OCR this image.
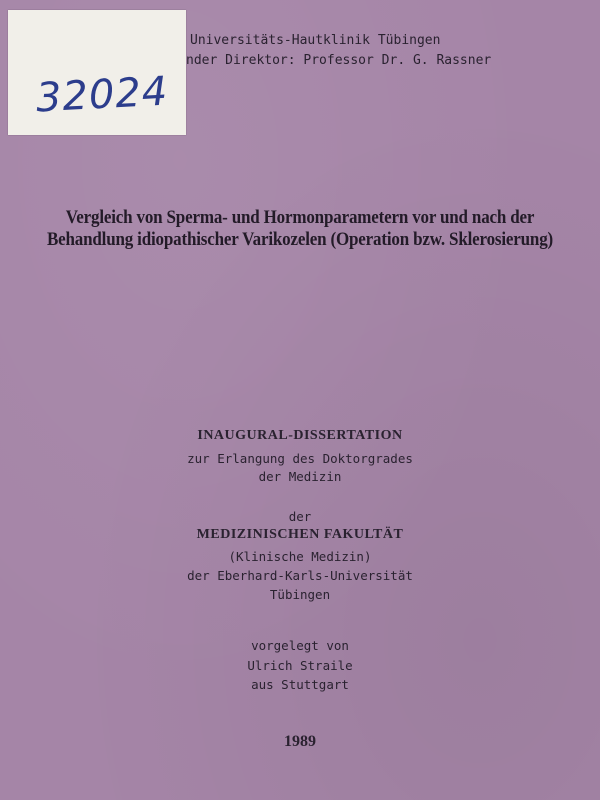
32024
Universitäts-Hautklinik Tübingen
nder Direktor: Professor Dr. G. Rassner
Vergleich von Sperma- und Hormonparametern vor und nach der
Behandlung idiopathischer Varikozelen (Operation bzw. Sklerosierung)
INAUGURAL-DISSERTATION
zur Erlangung des Doktorgrades
der Medizin
der
MEDIZINISCHEN FAKULTÄT
(Klinische Medizin)
der Eberhard-Karls-Universität
Tübingen
vorgelegt von
Ulrich Straile
aus Stuttgart
1989
